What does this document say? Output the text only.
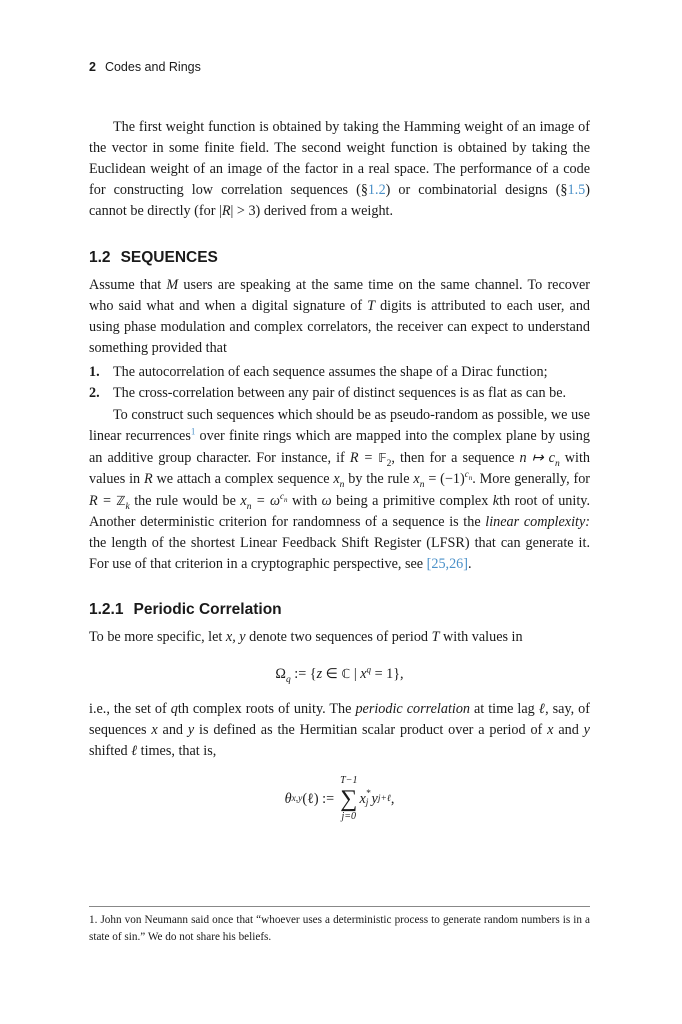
2 Codes and Rings

The first weight function is obtained by taking the Hamming weight of an image of the vector in some finite field. The second weight function is obtained by taking the Euclidean weight of an image of the factor in a real space. The performance of a code for constructing low correlation sequences (§1.2) or combinatorial designs (§1.5) cannot be directly (for |R| > 3) derived from a weight.

1.2 SEQUENCES

Assume that M users are speaking at the same time on the same channel. To recover who said what and when a digital signature of T digits is attributed to each user, and using phase modulation and complex correlators, the receiver can expect to understand something provided that

1. The autocorrelation of each sequence assumes the shape of a Dirac function;
2. The cross-correlation between any pair of distinct sequences is as flat as can be.

To construct such sequences which should be as pseudo-random as possible, we use linear recurrences$^1$ over finite rings which are mapped into the complex plane by using an additive group character. For instance, if R = 𝔽$_2$, then for a sequence n ↦ $c_n$ with values in R we attach a complex sequence $x_n$ by the rule $x_n = (-1)^{c_n}$. More generally, for R = ℤ$_k$ the rule would be $x_n = \omega^{c_n}$ with ω being a primitive complex kth root of unity. Another deterministic criterion for randomness of a sequence is the linear complexity: the length of the shortest Linear Feedback Shift Register (LFSR) that can generate it. For use of that criterion in a cryptographic perspective, see [25,26].

1.2.1 Periodic Correlation

To be more specific, let x, y denote two sequences of period T with values in

$\Omega_q$ := {z ∈ ℂ | $x^q = 1$},

i.e., the set of qth complex roots of unity. The periodic correlation at time lag ℓ, say, of sequences x and y is defined as the Hermitian scalar product over a period of x and y shifted ℓ times, that is,

θ x,y (ℓ) :=
T−1
∑
j=0
x *
j y j+ℓ ,
1. John von Neumann said once that “whoever uses a deterministic process to generate random numbers is in a state of sin.” We do not share his beliefs.
